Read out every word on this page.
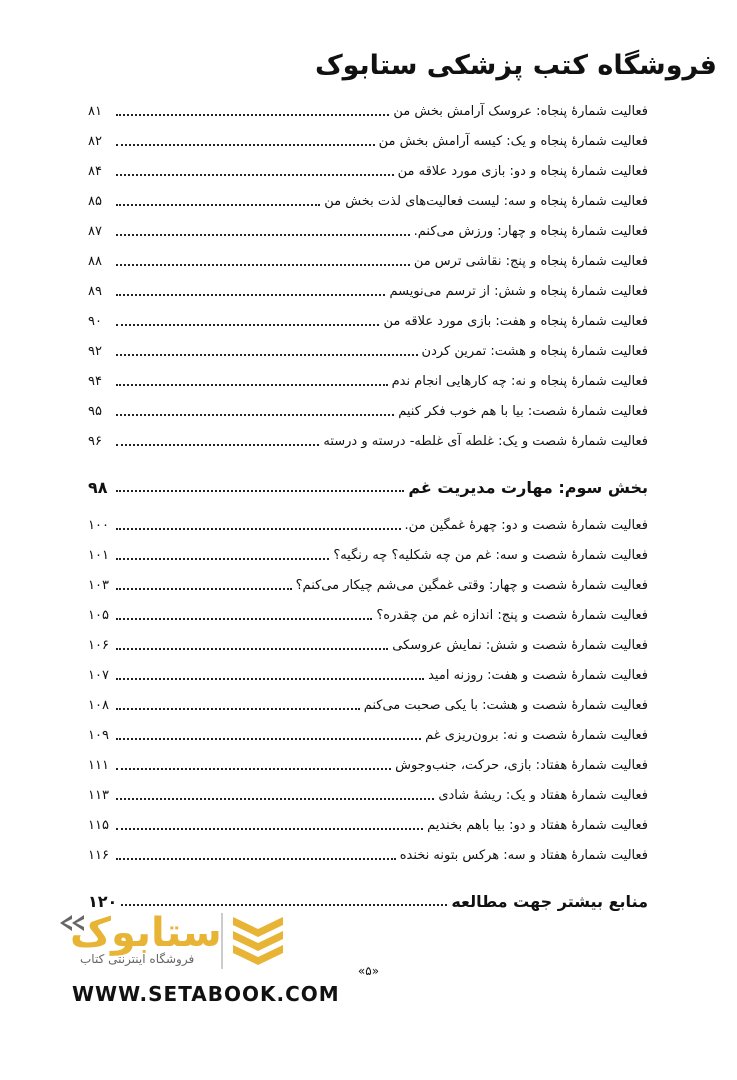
فروشگاه کتب پزشکی ستابوک
فعالیت شمارهٔ پنجاه: عروسک آرامش بخش من
۸۱
فعالیت شمارهٔ پنجاه و یک: کیسه آرامش بخش من
۸۲
فعالیت شمارهٔ پنجاه و دو: بازی مورد علاقه من
۸۴
فعالیت شمارهٔ پنجاه و سه: لیست فعالیت‌های لذت بخش من
۸۵
فعالیت شمارهٔ پنجاه و چهار: ورزش می‌کنم.
۸۷
فعالیت شمارهٔ پنجاه و پنج: نقاشی ترس من
۸۸
فعالیت شمارهٔ پنجاه و شش: از ترسم می‌نویسم
۸۹
فعالیت شمارهٔ پنجاه و هفت: بازی مورد علاقه من
۹۰
فعالیت شمارهٔ پنجاه و هشت: تمرین کردن
۹۲
فعالیت شمارهٔ پنجاه و نه: چه کارهایی انجام ندم
۹۴
فعالیت شمارهٔ شصت: بیا با هم خوب فکر کنیم
۹۵
فعالیت شمارهٔ شصت و یک: غلطه آی غلطه- درسته و درسته
۹۶
بخش سوم: مهارت مدیریت غم
۹۸
فعالیت شمارهٔ شصت و دو: چهرهٔ غمگین من.
۱۰۰
فعالیت شمارهٔ شصت و سه: غم من چه شکلیه؟ چه رنگیه؟
۱۰۱
فعالیت شمارهٔ شصت و چهار: وقتی غمگین می‌شم چیکار می‌کنم؟
۱۰۳
فعالیت شمارهٔ شصت و پنج: اندازه غم من چقدره؟
۱۰۵
فعالیت شمارهٔ شصت و شش: نمایش عروسکی
۱۰۶
فعالیت شمارهٔ شصت و هفت: روزنه امید
۱۰۷
فعالیت شمارهٔ شصت و هشت: با یکی صحبت می‌کنم
۱۰۸
فعالیت شمارهٔ شصت و نه: برون‌ریزی غم
۱۰۹
فعالیت شمارهٔ هفتاد: بازی، حرکت، جنب‌وجوش
۱۱۱
فعالیت شمارهٔ هفتاد و یک: ریشهٔ شادی
۱۱۳
فعالیت شمارهٔ هفتاد و دو: بیا باهم بخندیم
۱۱۵
فعالیت شمارهٔ هفتاد و سه: هرکس بتونه نخنده
۱۱۶
منابع بیشتر جهت مطالعه
۱۲۰
ستابوک
فروشگاه اینترنتی کتاب
WWW.SETABOOK.COM
«۵»
